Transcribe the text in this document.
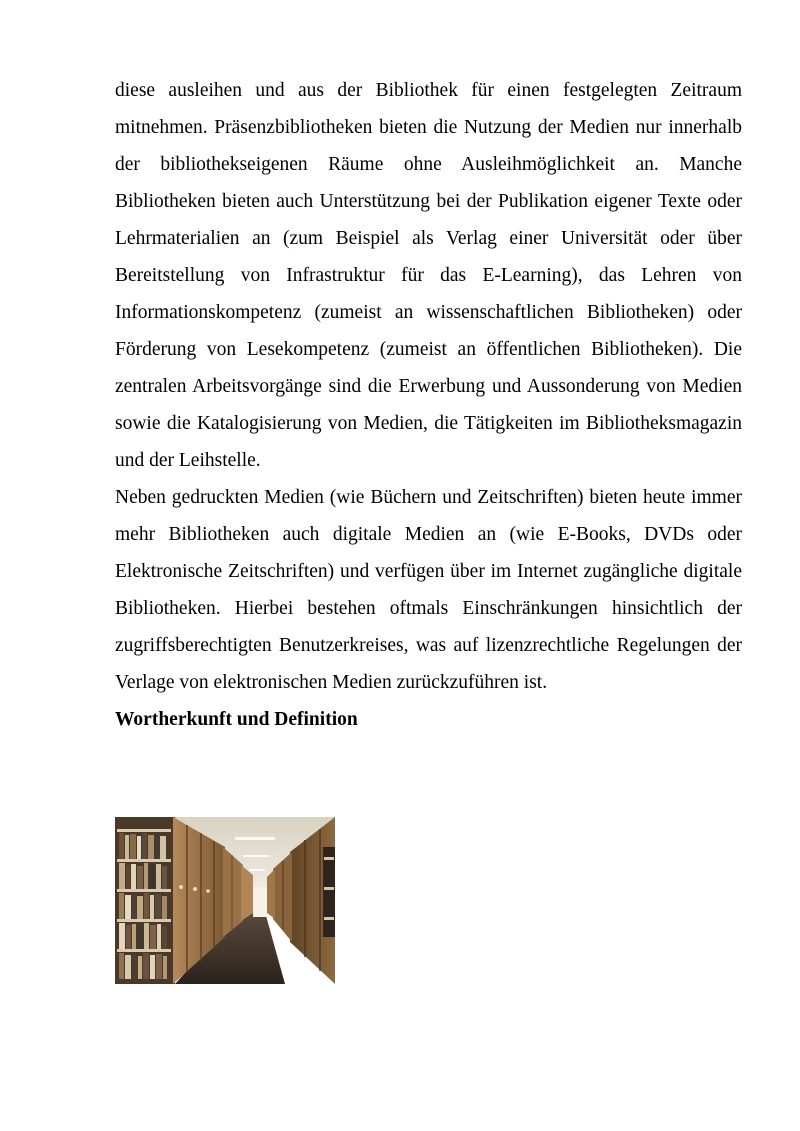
diese ausleihen und aus der Bibliothek für einen festgelegten Zeitraum mitnehmen. Präsenzbibliotheken bieten die Nutzung der Medien nur innerhalb der bibliothekseigenen Räume ohne Ausleihmöglichkeit an. Manche Bibliotheken bieten auch Unterstützung bei der Publikation eigener Texte oder Lehrmaterialien an (zum Beispiel als Verlag einer Universität oder über Bereitstellung von Infrastruktur für das E-Learning), das Lehren von Informationskompetenz (zumeist an wissenschaftlichen Bibliotheken) oder Förderung von Lesekompetenz (zumeist an öffentlichen Bibliotheken). Die zentralen Arbeitsvorgänge sind die Erwerbung und Aussonderung von Medien sowie die Katalogisierung von Medien, die Tätigkeiten im Bibliotheksmagazin und der Leihstelle.

Neben gedruckten Medien (wie Büchern und Zeitschriften) bieten heute immer mehr Bibliotheken auch digitale Medien an (wie E-Books, DVDs oder Elektronische Zeitschriften) und verfügen über im Internet zugängliche digitale Bibliotheken. Hierbei bestehen oftmals Einschränkungen hinsichtlich der zugriffsberechtigten Benutzerkreises, was auf lizenzrechtliche Regelungen der Verlage von elektronischen Medien zurückzuführen ist.

Wortherkunft und Definition
